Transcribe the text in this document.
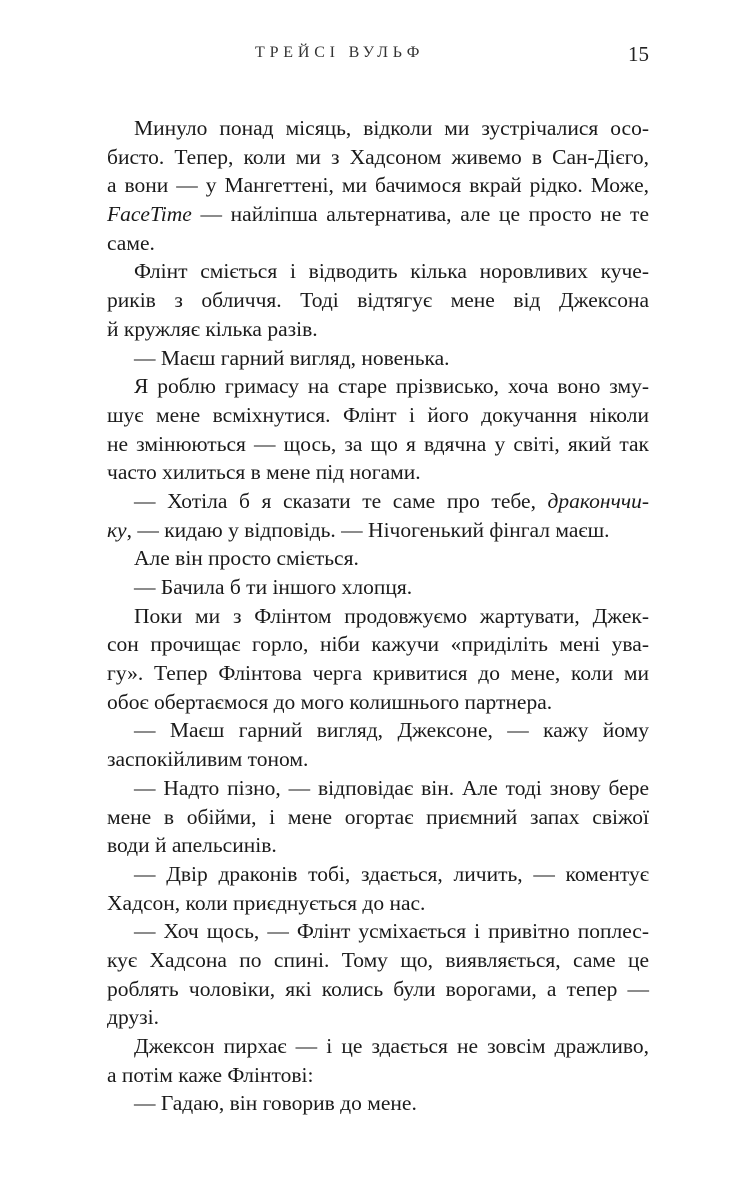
ТРЕЙСІ ВУЛЬФ	15
Минуло понад місяць, відколи ми зустрічалися осо-
бисто. Тепер, коли ми з Хадсоном живемо в Сан-Дієго,
а вони — у Мангеттені, ми бачимося вкрай рідко. Може,
FaceTime — найліпша альтернатива, але це просто не те
саме.
Флінт сміється і відводить кілька норовливих куче-
риків з обличчя. Тоді відтягує мене від Джексона
й кружляє кілька разів.
— Маєш гарний вигляд, новенька.
Я роблю гримасу на старе прізвисько, хоча воно зму-
шує мене всміхнутися. Флінт і його докучання ніколи
не змінюються — щось, за що я вдячна у світі, який так
часто хилиться в мене під ногами.
— Хотіла б я сказати те саме про тебе, драконччи-
ку, — кидаю у відповідь. — Нічогенький фінгал маєш.
Але він просто сміється.
— Бачила б ти іншого хлопця.
Поки ми з Флінтом продовжуємо жартувати, Джек-
сон прочищає горло, ніби кажучи «приділіть мені ува-
гу». Тепер Флінтова черга кривитися до мене, коли ми
обоє обертаємося до мого колишнього партнера.
— Маєш гарний вигляд, Джексоне, — кажу йому
заспокійливим тоном.
— Надто пізно, — відповідає він. Але тоді знову бере
мене в обійми, і мене огортає приємний запах свіжої
води й апельсинів.
— Двір драконів тобі, здається, личить, — коментує
Хадсон, коли приєднується до нас.
— Хоч щось, — Флінт усміхається і привітно поплес-
кує Хадсона по спині. Тому що, виявляється, саме це
роблять чоловіки, які колись були ворогами, а тепер —
друзі.
Джексон пирхає — і це здається не зовсім дражливо,
а потім каже Флінтові:
— Гадаю, він говорив до мене.
